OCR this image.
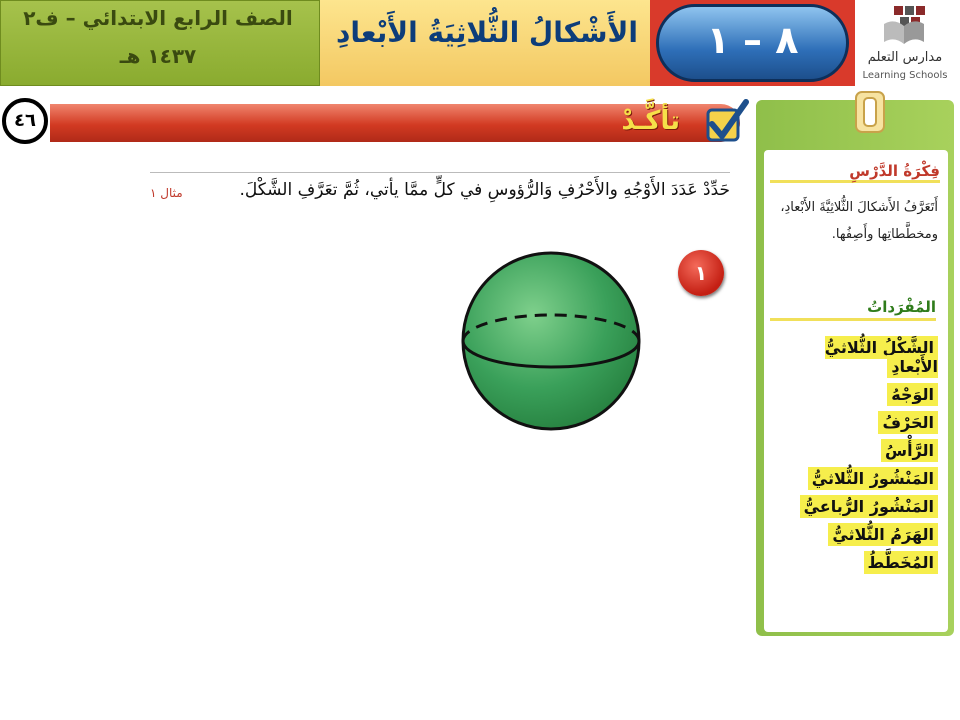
الصف الرابع الابتدائي – ف٢
١٤٣٧ هـ
الأَشْكالُ الثُّلاثِيَةُ الأَبْعادِ	٨ – ١	مدارس التعلم
Learning Schools
٤٦	تأكَّـدْ
حَدِّدْ عَدَدَ الأَوْجُهِ والأَحْرُفِ وَالرُّؤوسِ في كلٍّ ممَّا يأتي، ثُمَّ تعَرَّفِ الشَّكْلَ.
مثال ١
١
فِكْرَةُ الدَّرْسِ
أَتَعَرَّفُ الأَشكالَ الثُّلاثِيَّةَ الأَبْعادِ، ومخطَّطاتِها وأَصِفُها.
المُفْرَداتُ
الشَّكْلُ الثُّلاثيُّ الأَبْعادِ
الوَجْهُ
الحَرْفُ
الرَّأْسُ
المَنْشُورُ الثُّلاثيُّ
المَنْشُورُ الرُّباعيُّ
الهَرَمُ الثُّلاثيُّ
المُخَطَّطُ
